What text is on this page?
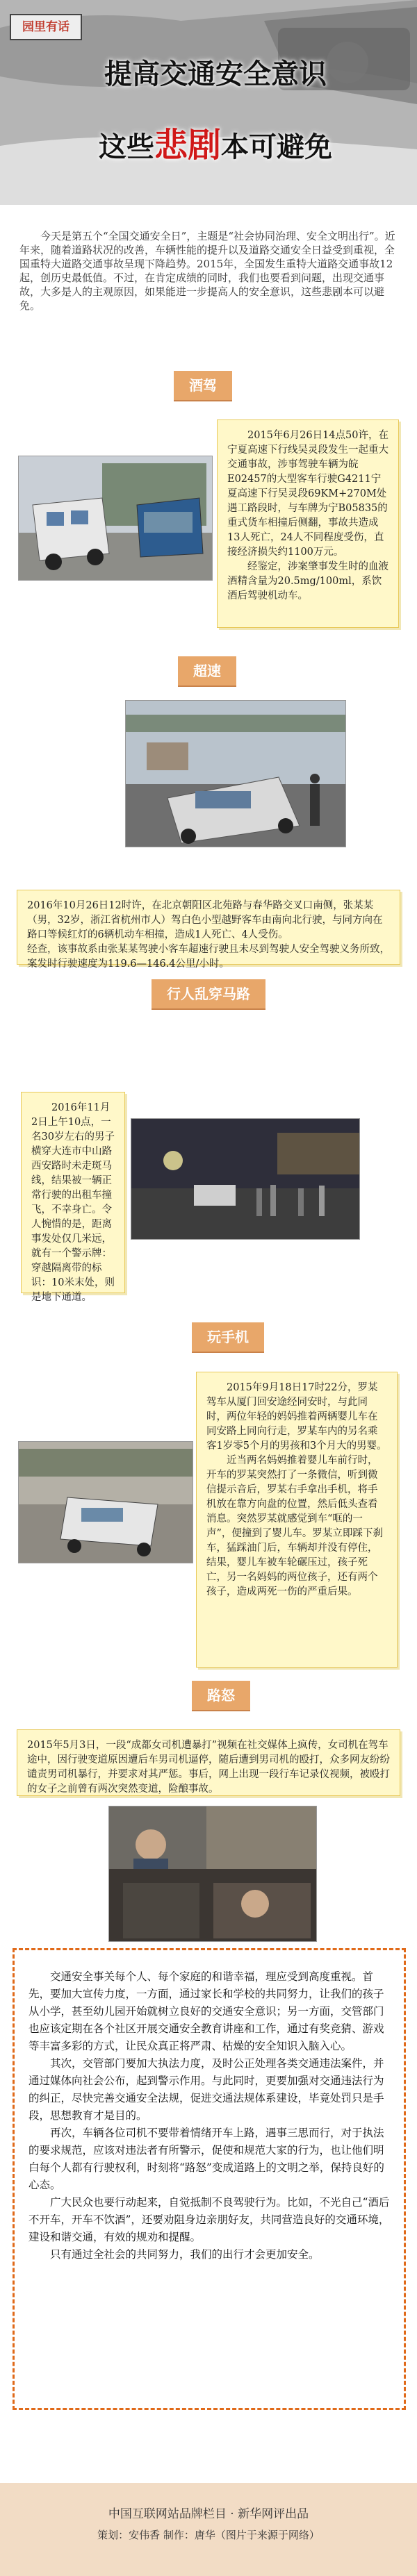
园里有话
提高交通安全意识
这些悲剧本可避免
今天是第五个“全国交通安全日”，主题是“社会协同治理、安全文明出行”。近年来，随着道路状况的改善，车辆性能的提升以及道路交通安全日益受到重视，全国重特大道路交通事故呈现下降趋势。2015年，全国发生重特大道路交通事故12起，创历史最低值。不过，在肯定成绩的同时，我们也要看到问题，出现交通事故，大多是人的主观原因，如果能进一步提高人的安全意识，这些悲剧本可以避免。
酒驾

2015年6月26日14点50许，在宁夏高速下行线吴灵段发生一起重大交通事故，涉事驾驶车辆为皖E02457的大型客车行驶G4211宁夏高速下行吴灵段69KM+270M处遇工路段时，与车牌为宁B05835的重式货车相撞后侧翻，事故共造成13人死亡，24人不同程度受伤，直接经济损失约1100万元。

经鉴定，涉案肇事发生时的血液酒精含量为20.5mg/100ml，系饮酒后驾驶机动车。

超速

2016年10月26日12时许，在北京朝阳区北苑路与春华路交叉口南侧，张某某（男，32岁，浙江省杭州市人）驾白色小型越野客车由南向北行驶，与同方向在路口等候红灯的6辆机动车相撞，造成1人死亡、4人受伤。

经查，该事故系由张某某驾驶小客车超速行驶且未尽到驾驶人安全驾驶义务所致，案发时行驶速度为119.6—146.4公里/小时。

行人乱穿马路

2016年11月2日上午10点，一名30岁左右的男子横穿大连市中山路西安路时未走斑马线，结果被一辆正常行驶的出租车撞飞，不幸身亡。令人惋惜的是，距离事发处仅几米远，就有一个警示牌：穿越隔离带的标识：10米末处，则是地下通道。

玩手机

2015年9月18日17时22分，罗某驾车从厦门回安途经同安时，与此同时，两位年轻的妈妈推着两辆婴儿车在同安路上同向行走，罗某车内的另名乘客1岁零5个月的男孩和3个月大的男婴。

近当两名妈妈推着婴儿车前行时，开车的罗某突然打了一条微信，听到微信提示音后，罗某右手拿出手机，将手机放在靠方向盘的位置，然后低头查看消息。突然罗某就感觉到车“哐的一声”，便撞到了婴儿车。罗某立即踩下刹车，猛踩油门后，车辆却并没有停住，结果，婴儿车被车轮碾压过，孩子死亡，另一名妈妈的两位孩子，还有两个孩子，造成两死一伤的严重后果。

路怒

2015年5月3日，一段“成都女司机遭暴打”视频在社交媒体上疯传，女司机在驾车途中，因行驶变道原因遭后车男司机逼停，随后遭到男司机的殴打，众多网友纷纷谴责男司机暴行，并要求对其严惩。事后，网上出现一段行车记录仪视频，被殴打的女子之前曾有两次突然变道，险酿事故。

交通安全事关每个人、每个家庭的和谐幸福，理应受到高度重视。首先，要加大宣传力度，一方面，通过家长和学校的共同努力，让我们的孩子从小学，甚至幼儿园开始就树立良好的交通安全意识；另一方面，交管部门也应该定期在各个社区开展交通安全教育讲座和工作，通过有奖竞猜、游戏等丰富多彩的方式，让民众真正将严肃、枯燥的安全知识入脑入心。

其次，交管部门要加大执法力度，及时公正处理各类交通违法案件，并通过媒体向社会公布，起到警示作用。与此同时，更要加强对交通违法行为的纠正，尽快完善交通安全法规，促进交通法规体系建设，毕竟处罚只是手段，思想教育才是目的。

再次，车辆各位司机不要带着情绪开车上路，遇事三思而行，对于执法的要求规范，应该对违法者有所警示，促使和规范大家的行为，也让他们明白每个人都有行驶权利，时刻将“路怒”变成道路上的文明之举，保持良好的心态。

广大民众也要行动起来，自觉抵制不良驾驶行为。比如，不光自己“酒后不开车，开车不饮酒”，还要劝阻身边亲朋好友，共同营造良好的交通环境，建设和谐交通，有效的规劝和提醒。

只有通过全社会的共同努力，我们的出行才会更加安全。

中国互联网站品牌栏目 · 新华网评出品
策划：安伟香 制作：唐华（图片于来源于网络）
